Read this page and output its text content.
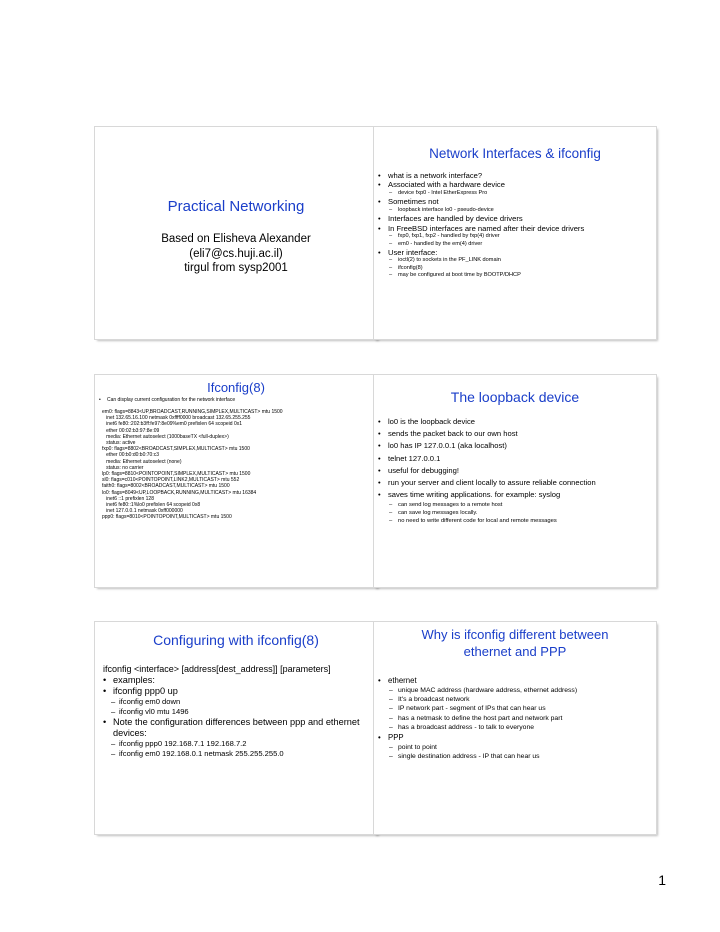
Practical Networking
Based on Elisheva Alexander
(eli7@cs.huji.ac.il)
tirgul from sysp2001
Network Interfaces & ifconfig
• what is a network interface?
• Associated with a hardware device
– device fxp0 - Intel EtherExpress Pro
• Sometimes not
– loopback interface lo0 - pseudo-device
• Interfaces are handled by device drivers
• In FreeBSD interfaces are named after their device drivers
– fxp0, fxp1, fxp2 - handled by fxp(4) driver
– em0 - handled by the em(4) driver
• User interface:
– ioctl(2) to sockets in the PF_LINK domain
– ifconfig(8)
– may be configured at boot time by BOOTP/DHCP
Ifconfig(8)
• Can display current configuration for the network interface
em0: flags=8843<UP,BROADCAST,RUNNING,SIMPLEX,MULTICAST> mtu 1500
inet 132.65.16.100 netmask 0xffff0000 broadcast 132.65.255.255
inet6 fe80::202:b3ff:fe97:8e09%em0 prefixlen 64 scopeid 0x1
ether 00:02:b3:97:8e:09
media: Ethernet autoselect (1000baseTX <full-duplex>)
status: active
fxp0: flags=8802<BROADCAST,SIMPLEX,MULTICAST> mtu 1500
ether 00:b0:d0:b0:70:c3
media: Ethernet autoselect (none)
status: no carrier
lp0: flags=8810<POINTOPOINT,SIMPLEX,MULTICAST> mtu 1500
sl0: flags=c010<POINTOPOINT,LINK2,MULTICAST> mtu 552
faith0: flags=8002<BROADCAST,MULTICAST> mtu 1500
lo0: flags=8049<UP,LOOPBACK,RUNNING,MULTICAST> mtu 16384
inet6 ::1 prefixlen 128
inet6 fe80::1%lo0 prefixlen 64 scopeid 0x8
inet 127.0.0.1 netmask 0xff000000
ppp0: flags=8010<POINTOPOINT,MULTICAST> mtu 1500
The loopback device
• lo0 is the loopback device
• sends the packet back to our own host
• lo0 has IP 127.0.0.1 (aka localhost)
• telnet 127.0.0.1
• useful for debugging!
• run your server and client locally to assure reliable connection
• saves time writing applications. for example: syslog
– can send log messages to a remote host
– can save log messages locally.
– no need to write different code for local and remote messages
Configuring with ifconfig(8)
ifconfig <interface> [address[dest_address]] [parameters]
• examples:
• ifconfig ppp0 up
– ifconfig em0 down
– ifconfig vl0 mtu 1496
• Note the configuration differences between ppp and ethernet devices:
– ifconfig ppp0 192.168.7.1 192.168.7.2
– ifconfig em0 192.168.0.1 netmask 255.255.255.0
Why is ifconfig different between
ethernet and PPP
• ethernet
– unique MAC address (hardware address, ethernet address)
– It's a broadcast network
– IP network part - segment of IPs that can hear us
– has a netmask to define the host part and network part
– has a broadcast address - to talk to everyone
• PPP
– point to point
– single destination address - IP that can hear us
1
